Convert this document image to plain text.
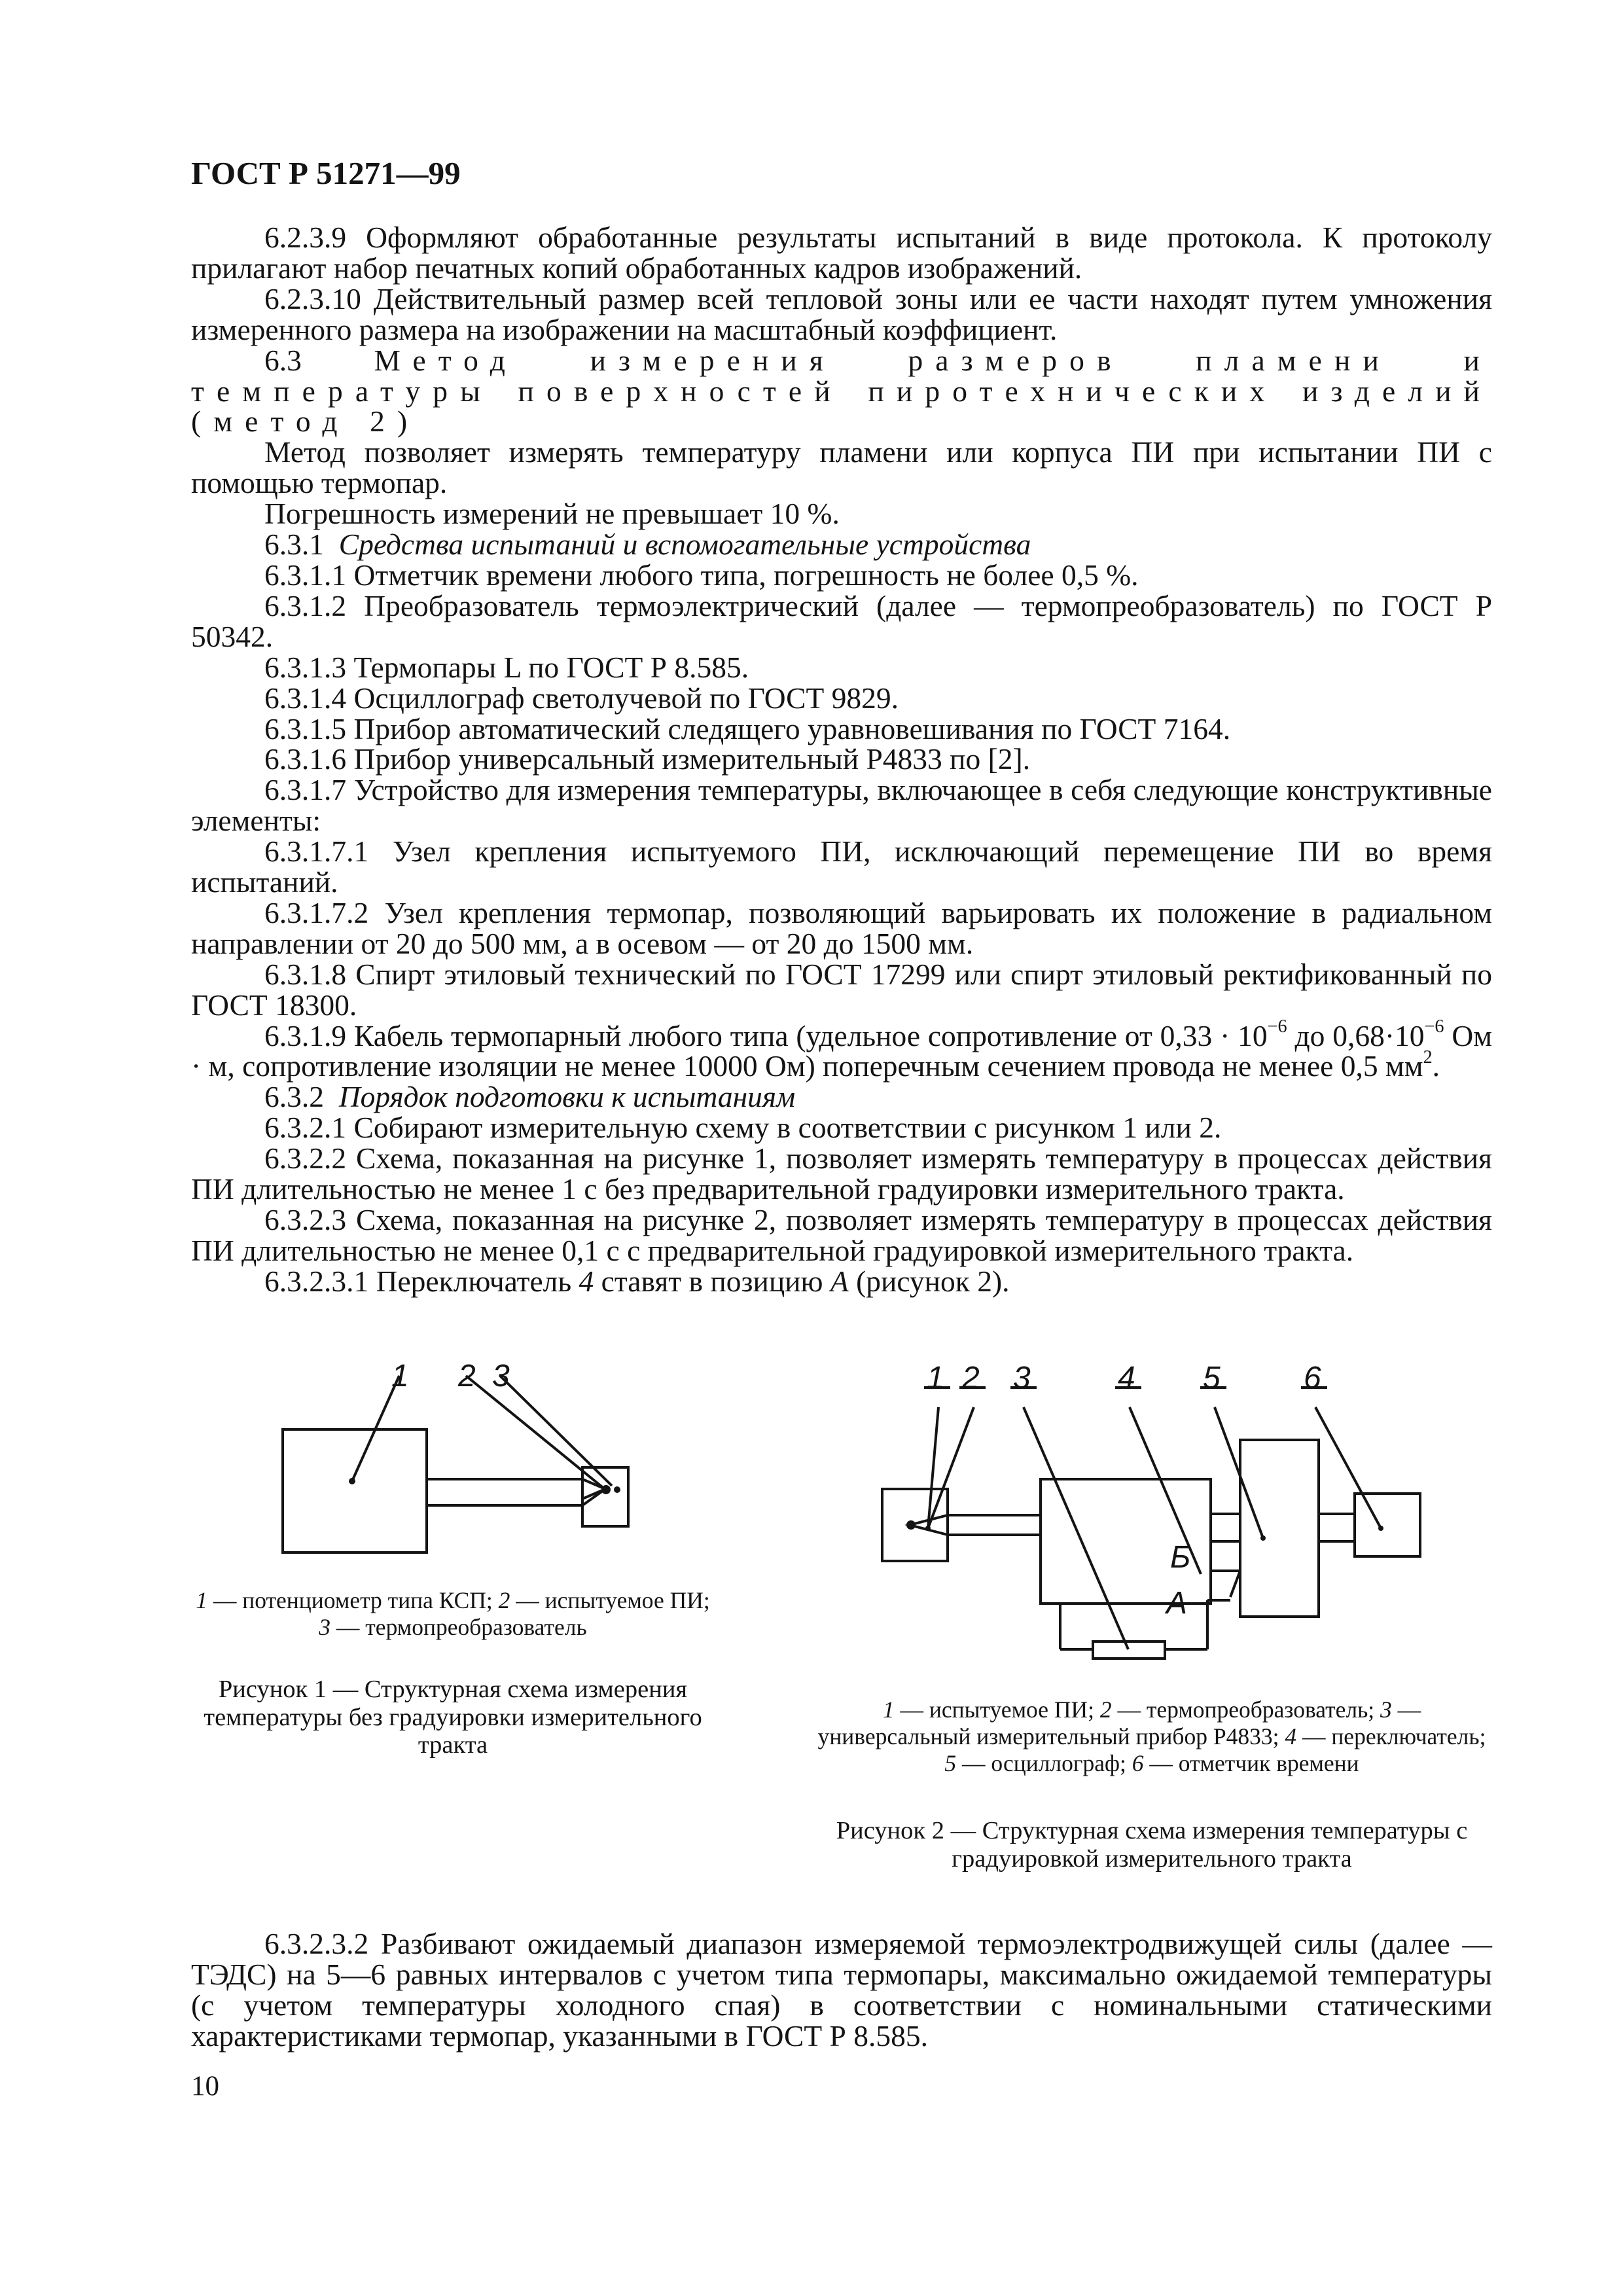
ГОСТ Р 51271—99

6.2.3.9 Оформляют обработанные результаты испытаний в виде протокола. К протоколу прилагают набор печатных копий обработанных кадров изображений.

6.2.3.10 Действительный размер всей тепловой зоны или ее части находят путем умножения измеренного размера на изображении на масштабный коэффициент.

6.3 Метод измерения размеров пламени и температуры поверхностей пиротехнических изделий (метод 2)

Метод позволяет измерять температуру пламени или корпуса ПИ при испытании ПИ с помощью термопар.

Погрешность измерений не превышает 10 %.

6.3.1 Средства испытаний и вспомогательные устройства

6.3.1.1 Отметчик времени любого типа, погрешность не более 0,5 %.

6.3.1.2 Преобразователь термоэлектрический (далее — термопреобразователь) по ГОСТ Р 50342.

6.3.1.3 Термопары L по ГОСТ Р 8.585.

6.3.1.4 Осциллограф светолучевой по ГОСТ 9829.

6.3.1.5 Прибор автоматический следящего уравновешивания по ГОСТ 7164.

6.3.1.6 Прибор универсальный измерительный Р4833 по [2].

6.3.1.7 Устройство для измерения температуры, включающее в себя следующие конструктивные элементы:

6.3.1.7.1 Узел крепления испытуемого ПИ, исключающий перемещение ПИ во время испытаний.

6.3.1.7.2 Узел крепления термопар, позволяющий варьировать их положение в радиальном направлении от 20 до 500 мм, а в осевом — от 20 до 1500 мм.

6.3.1.8 Спирт этиловый технический по ГОСТ 17299 или спирт этиловый ректификованный по ГОСТ 18300.

6.3.1.9 Кабель термопарный любого типа (удельное сопротивление от $0,33 \cdot 10^{-6}$ до $0,68\cdot 10^{-6}$ Ом · м, сопротивление изоляции не менее 10000 Ом) поперечным сечением провода не менее 0,5 $мм^2$.

6.3.2 Порядок подготовки к испытаниям

6.3.2.1 Собирают измерительную схему в соответствии с рисунком 1 или 2.

6.3.2.2 Схема, показанная на рисунке 1, позволяет измерять температуру в процессах действия ПИ длительностью не менее 1 с без предварительной градуировки измерительного тракта.

6.3.2.3 Схема, показанная на рисунке 2, позволяет измерять температуру в процессах действия ПИ длительностью не менее 0,1 с с предварительной градуировкой измерительного тракта.

6.3.2.3.1 Переключатель 4 ставят в позицию А (рисунок 2).

1 2 3
1 — потенциометр типа КСП; 2 — испытуемое ПИ; 3 — термопреобразователь
Рисунок 1 — Структурная схема измерения температуры без градуировки измерительного тракта
1 2 3	4 5	6
Б
А
1 — испытуемое ПИ; 2 — термопреобразователь; 3 — универсальный измерительный прибор Р4833; 4 — переключатель; 5 — осциллограф; 6 — отметчик времени
Рисунок 2 — Структурная схема измерения температуры с градуировкой измерительного тракта

6.3.2.3.2 Разбивают ожидаемый диапазон измеряемой термоэлектродвижущей силы (далее — ТЭДС) на 5—6 равных интервалов с учетом типа термопары, максимально ожидаемой температуры (с учетом температуры холодного спая) в соответствии с номинальными статическими характеристиками термопар, указанными в ГОСТ Р 8.585.

10
